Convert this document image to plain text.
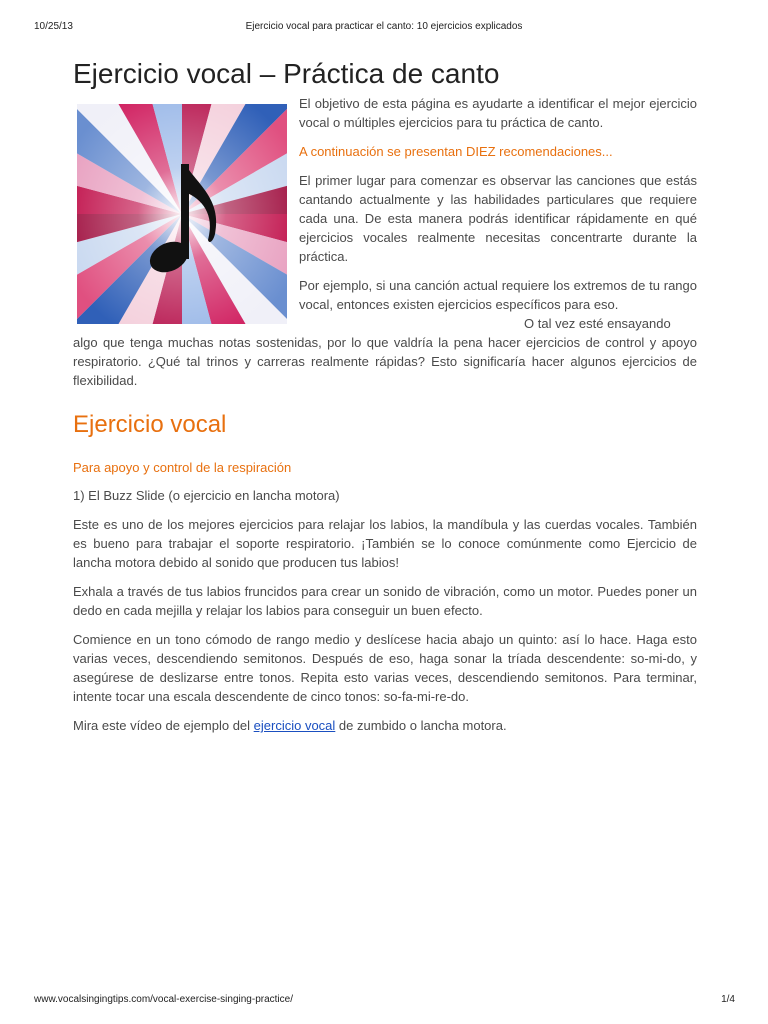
10/25/13	Ejercicio vocal para practicar el canto: 10 ejercicios explicados
Ejercicio vocal – Práctica de canto

El objetivo de esta página es ayudarte a identificar el mejor ejercicio vocal o múltiples ejercicios para tu práctica de canto.

A continuación se presentan DIEZ recomendaciones...

El primer lugar para comenzar es observar las canciones que estás cantando actualmente y las habilidades particulares que requiere cada una. De esta manera podrás identificar rápidamente en qué ejercicios vocales realmente necesitas concentrarte durante la práctica.

Por ejemplo, si una canción actual requiere los extremos de tu rango vocal, entonces existen ejercicios específicos para eso.
O tal vez esté ensayando
algo que tenga muchas notas sostenidas, por lo que valdría la pena hacer ejercicios de control y apoyo respiratorio. ¿Qué tal trinos y carreras realmente rápidas? Esto significaría hacer algunos ejercicios de flexibilidad.

Ejercicio vocal
Para apoyo y control de la respiración

1) El Buzz Slide (o ejercicio en lancha motora)

Este es uno de los mejores ejercicios para relajar los labios, la mandíbula y las cuerdas vocales. También es bueno para trabajar el soporte respiratorio. ¡También se lo conoce comúnmente como Ejercicio de lancha motora debido al sonido que producen tus labios!

Exhala a través de tus labios fruncidos para crear un sonido de vibración, como un motor. Puedes poner un dedo en cada mejilla y relajar los labios para conseguir un buen efecto.

Comience en un tono cómodo de rango medio y deslícese hacia abajo un quinto: así lo hace. Haga esto varias veces, descendiendo semitonos. Después de eso, haga sonar la tríada descendente: so-mi-do, y asegúrese de deslizarse entre tonos. Repita esto varias veces, descendiendo semitonos. Para terminar, intente tocar una escala descendente de cinco tonos: so-fa-mi-re-do.

Mira este vídeo de ejemplo del ejercicio vocal de zumbido o lancha motora.

www.vocalsingingtips.com/vocal-exercise-singing-practice/	1/4
